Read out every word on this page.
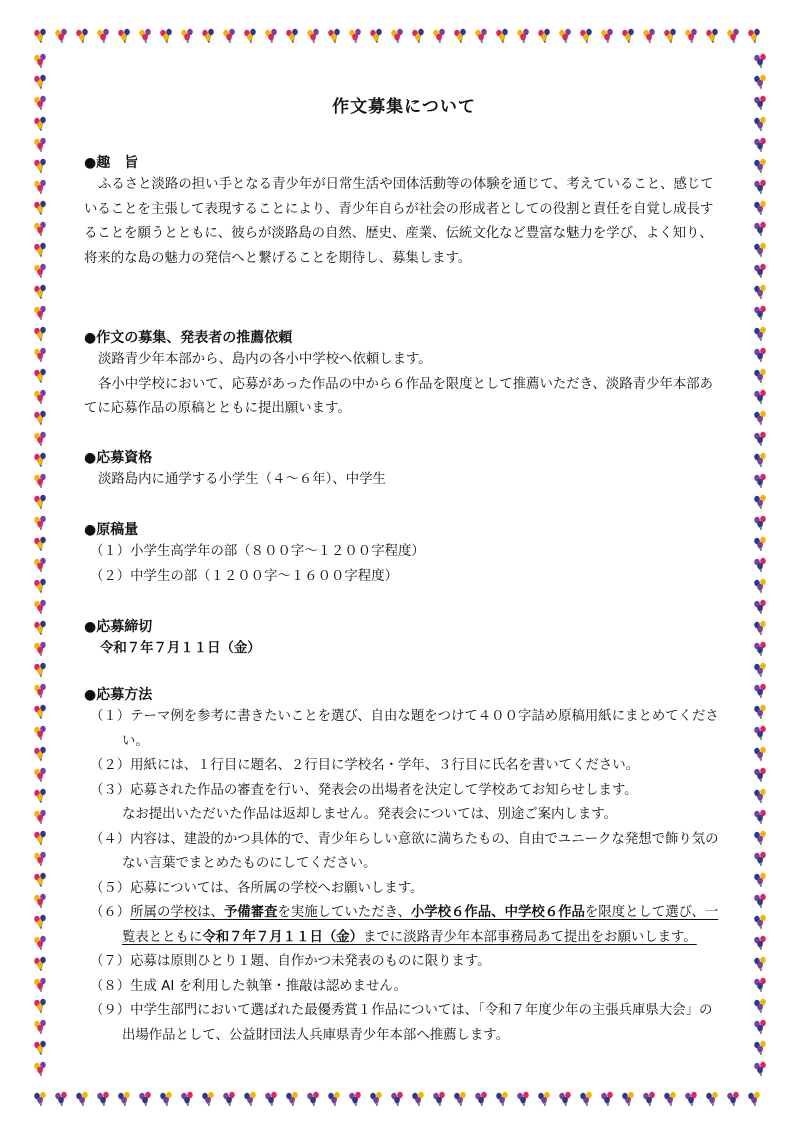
作文募集について

●趣　旨

ふるさと淡路の担い手となる青少年が日常生活や団体活動等の体験を通じて、考えていること、感じていることを主張して表現することにより、青少年自らが社会の形成者としての役割と責任を自覚し成長することを願うとともに、彼らが淡路島の自然、歴史、産業、伝統文化など豊富な魅力を学び、よく知り、将来的な島の魅力の発信へと繋げることを期待し、募集します。

●作文の募集、発表者の推薦依頼

淡路青少年本部から、島内の各小中学校へ依頼します。

各小中学校において、応募があった作品の中から６作品を限度として推薦いただき、淡路青少年本部あてに応募作品の原稿とともに提出願います。

●応募資格

淡路島内に通学する小学生（４～６年）、中学生

●原稿量

（１）小学生高学年の部（８００字～１２００字程度）

（２）中学生の部（１２００字～１６００字程度）

●応募締切

令和７年７月１１日（金）

●応募方法

（１）テーマ例を参考に書きたいことを選び、自由な題をつけて４００字詰め原稿用紙にまとめてください。

（２）用紙には、１行目に題名、２行目に学校名・学年、３行目に氏名を書いてください。

（３）応募された作品の審査を行い、発表会の出場者を決定して学校あてお知らせします。

なお提出いただいた作品は返却しません。発表会については、別途ご案内します。

（４）内容は、建設的かつ具体的で、青少年らしい意欲に満ちたもの、自由でユニークな発想で飾り気のない言葉でまとめたものにしてください。

（５）応募については、各所属の学校へお願いします。

（６）所属の学校は、予備審査を実施していただき、小学校６作品、中学校６作品を限度として選び、一覧表とともに令和７年７月１１日（金）までに淡路青少年本部事務局あて提出をお願いします。

（７）応募は原則ひとり１題、自作かつ未発表のものに限ります。

（８）生成 AI を利用した執筆・推敲は認めません。

（９）中学生部門において選ばれた最優秀賞１作品については、「令和７年度少年の主張兵庫県大会」の出場作品として、公益財団法人兵庫県青少年本部へ推薦します。
